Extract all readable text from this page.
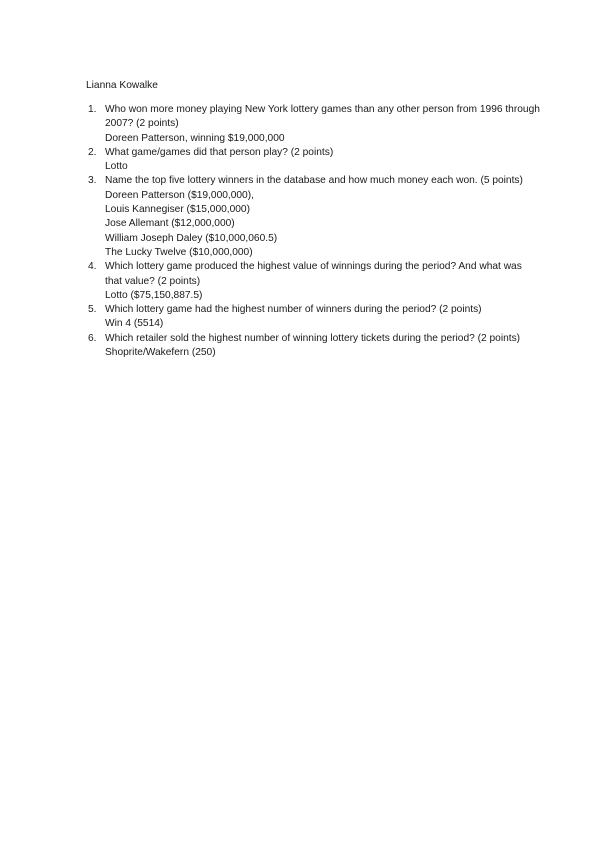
Lianna Kowalke
1. Who won more money playing New York lottery games than any other person from 1996 through 2007? (2 points)
Doreen Patterson, winning $19,000,000
2. What game/games did that person play? (2 points)
Lotto
3. Name the top five lottery winners in the database and how much money each won. (5 points)
Doreen Patterson ($19,000,000),
Louis Kannegiser ($15,000,000)
Jose Allemant ($12,000,000)
William Joseph Daley ($10,000,060.5)
The Lucky Twelve ($10,000,000)
4. Which lottery game produced the highest value of winnings during the period? And what was that value? (2 points)
Lotto ($75,150,887.5)
5. Which lottery game had the highest number of winners during the period? (2 points)
Win 4 (5514)
6. Which retailer sold the highest number of winning lottery tickets during the period? (2 points)
Shoprite/Wakefern (250)
